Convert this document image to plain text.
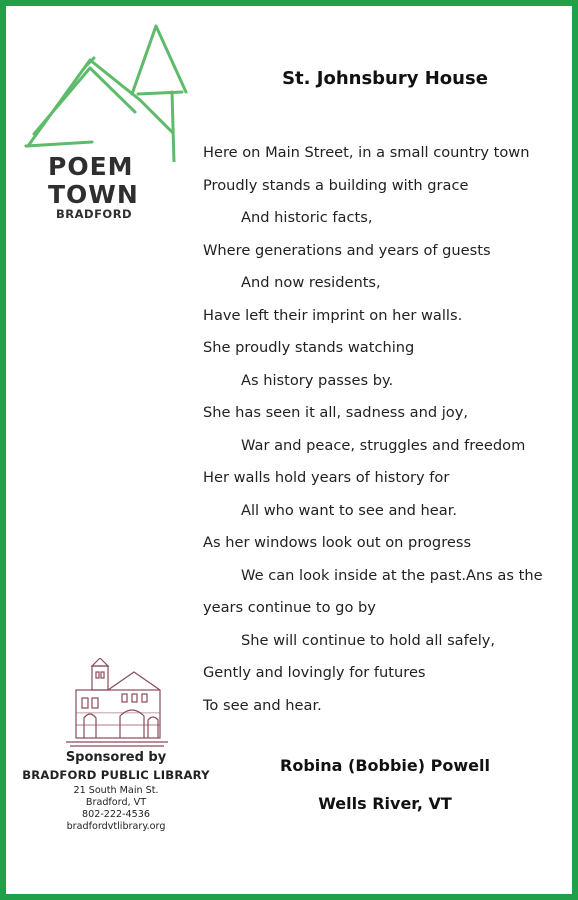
POEM
TOWN
BRADFORD
St. Johnsbury House
Here on Main Street, in a small country town
Proudly stands a building with grace
And historic facts,
Where generations and years of guests
And now residents,
Have left their imprint on her walls.
She proudly stands watching
As history passes by.
She has seen it all, sadness and joy,
War and peace, struggles and freedom
Her walls hold years of history for
All who want to see and hear.
As her windows look out on progress
We can look inside at the past.Ans as the
years continue to go by
She will continue to hold all safely,
Gently and lovingly for futures
To see and hear.
Sponsored by
BRADFORD PUBLIC LIBRARY
21 South Main St.
Bradford, VT
802-222-4536
bradfordvtlibrary.org
Robina (Bobbie) Powell
Wells River, VT
